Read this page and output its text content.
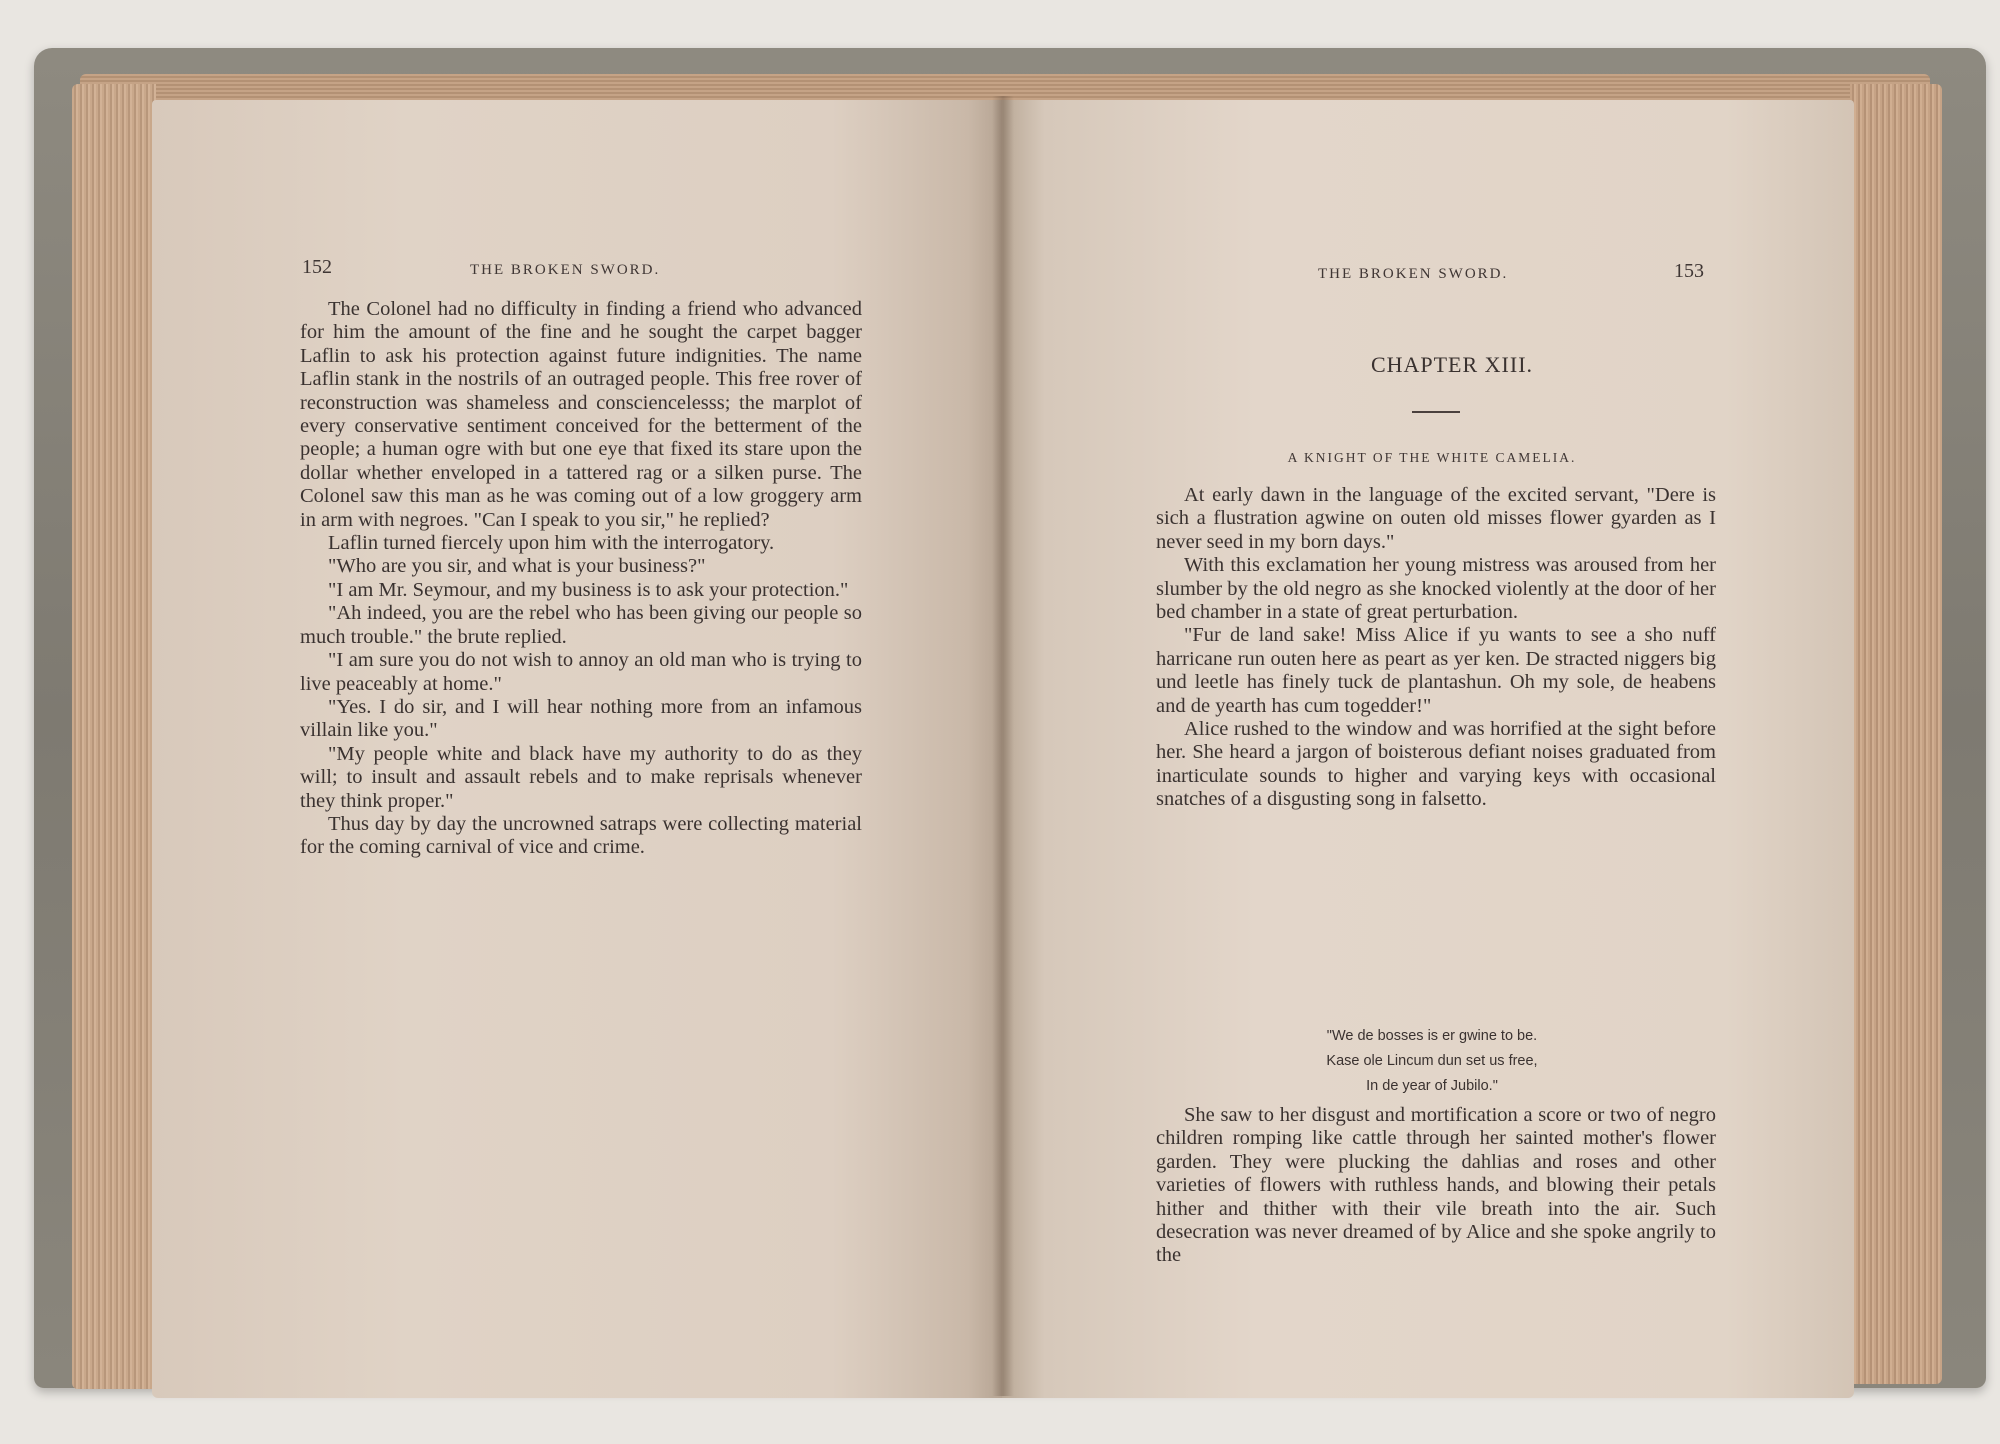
152	THE BROKEN SWORD.

The Colonel had no difficulty in finding a friend who advanced for him the amount of the fine and he sought the carpet bagger Laflin to ask his protection against future indignities. The name Laflin stank in the nostrils of an outraged people. This free rover of reconstruction was shameless and consciencelesss; the marplot of every conservative sentiment conceived for the betterment of the people; a human ogre with but one eye that fixed its stare upon the dollar whether enveloped in a tattered rag or a silken purse. The Colonel saw this man as he was coming out of a low groggery arm in arm with negroes. "Can I speak to you sir," he replied?

Laflin turned fiercely upon him with the interrogatory.

"Who are you sir, and what is your business?"

"I am Mr. Seymour, and my business is to ask your protection."

"Ah indeed, you are the rebel who has been giving our people so much trouble." the brute replied.

"I am sure you do not wish to annoy an old man who is trying to live peaceably at home."

"Yes. I do sir, and I will hear nothing more from an infamous villain like you."

"My people white and black have my authority to do as they will; to insult and assault rebels and to make reprisals whenever they think proper."

Thus day by day the uncrowned satraps were collecting material for the coming carnival of vice and crime.

THE BROKEN SWORD.	153
CHAPTER XIII.
A KNIGHT OF THE WHITE CAMELIA.

At early dawn in the language of the excited servant, "Dere is sich a flustration agwine on outen old misses flower gyarden as I never seed in my born days."

With this exclamation her young mistress was aroused from her slumber by the old negro as she knocked violently at the door of her bed chamber in a state of great perturbation.

"Fur de land sake! Miss Alice if yu wants to see a sho nuff harricane run outen here as peart as yer ken. De stracted niggers big und leetle has finely tuck de plantashun. Oh my sole, de heabens and de yearth has cum togedder!"

Alice rushed to the window and was horrified at the sight before her. She heard a jargon of boisterous defiant noises graduated from inarticulate sounds to higher and varying keys with occasional snatches of a disgusting song in falsetto.

"We de bosses is er gwine to be.
Kase ole Lincum dun set us free,
In de year of Jubilo."

She saw to her disgust and mortification a score or two of negro children romping like cattle through her sainted mother's flower garden. They were plucking the dahlias and roses and other varieties of flowers with ruthless hands, and blowing their petals hither and thither with their vile breath into the air. Such desecration was never dreamed of by Alice and she spoke angrily to the
